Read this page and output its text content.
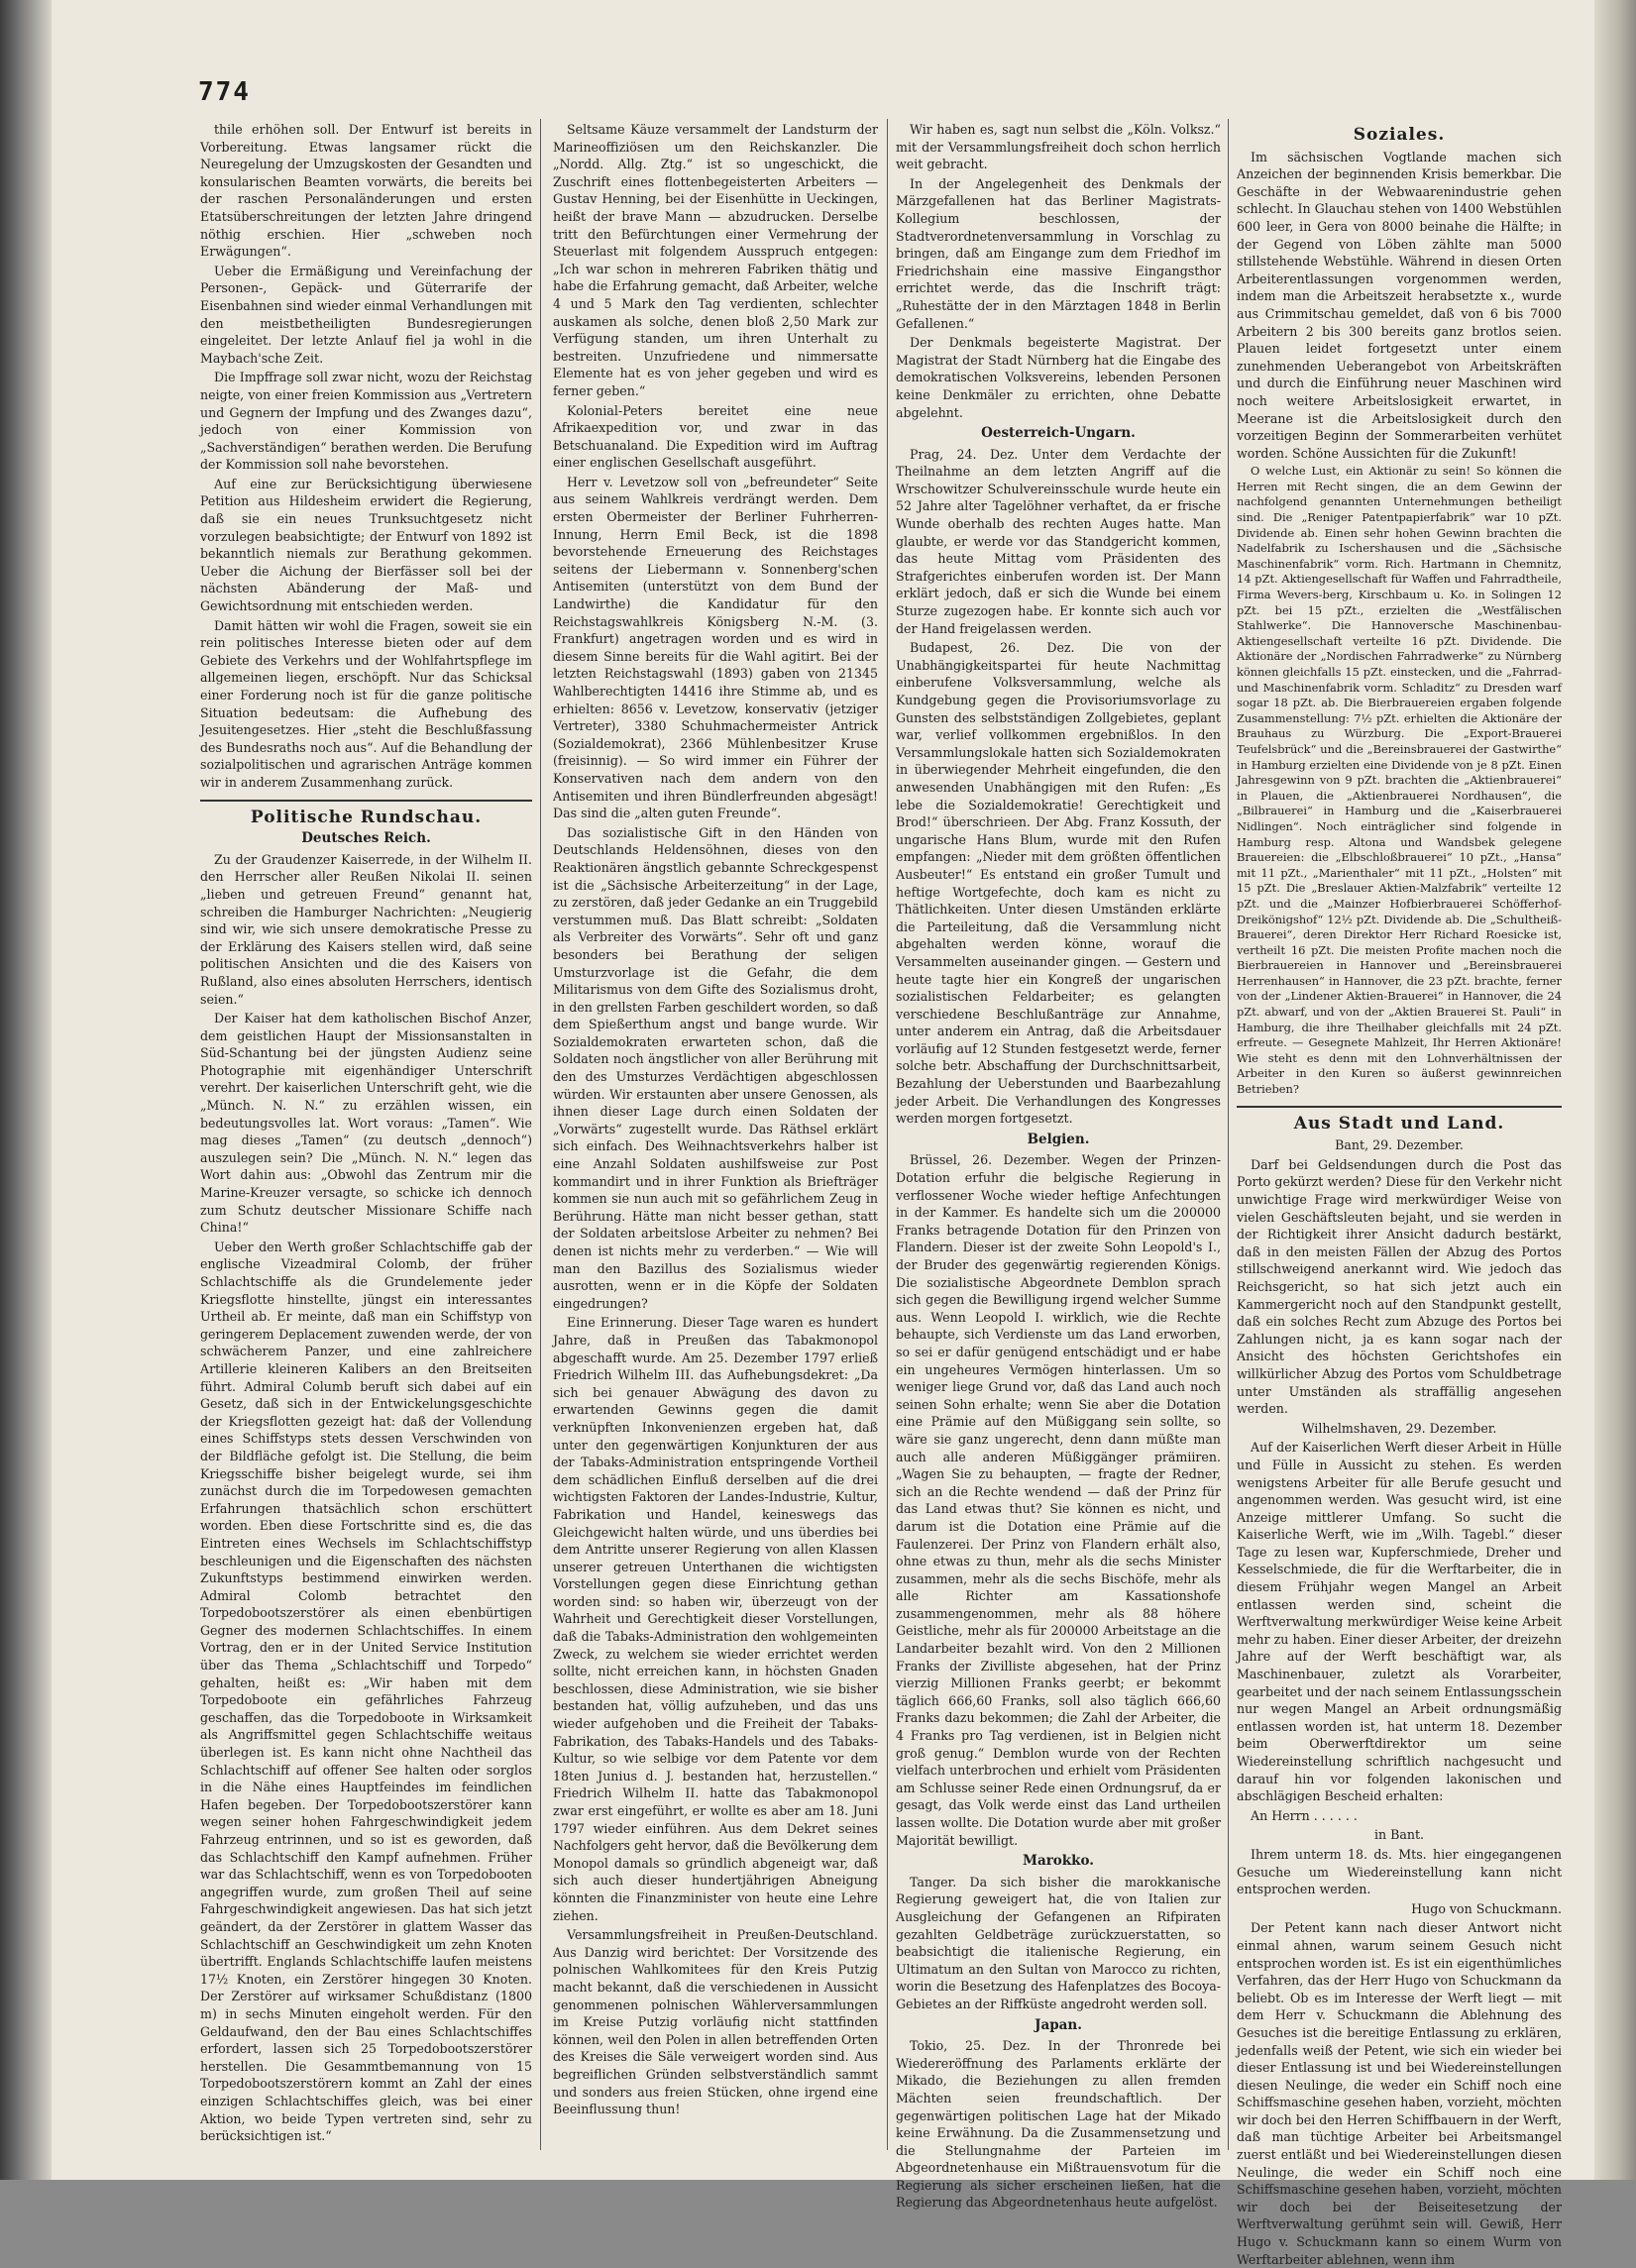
774

thile erhöhen soll. Der Entwurf ist bereits in Vorbereitung. Etwas langsamer rückt die Neuregelung der Umzugskosten der Gesandten und konsularischen Beamten vorwärts, die bereits bei der raschen Personaländerungen und ersten Etatsüberschreitungen der letzten Jahre dringend nöthig erschien. Hier „schweben noch Erwägungen“.

Ueber die Ermäßigung und Vereinfachung der Personen-, Gepäck- und Güterrarife der Eisenbahnen sind wieder einmal Verhandlungen mit den meistbetheiligten Bundesregierungen eingeleitet. Der letzte Anlauf fiel ja wohl in die Maybach'sche Zeit.

Die Impffrage soll zwar nicht, wozu der Reichstag neigte, von einer freien Kommission aus „Vertretern und Gegnern der Impfung und des Zwanges dazu“, jedoch von einer Kommission von „Sachverständigen“ berathen werden. Die Berufung der Kommission soll nahe bevorstehen.

Auf eine zur Berücksichtigung überwiesene Petition aus Hildesheim erwidert die Regierung, daß sie ein neues Trunksuchtgesetz nicht vorzulegen beabsichtigte; der Entwurf von 1892 ist bekanntlich niemals zur Berathung gekommen. Ueber die Aichung der Bierfässer soll bei der nächsten Abänderung der Maß- und Gewichtsordnung mit entschieden werden.

Damit hätten wir wohl die Fragen, soweit sie ein rein politisches Interesse bieten oder auf dem Gebiete des Verkehrs und der Wohlfahrtspflege im allgemeinen liegen, erschöpft. Nur das Schicksal einer Forderung noch ist für die ganze politische Situation bedeutsam: die Aufhebung des Jesuitengesetzes. Hier „steht die Beschlußfassung des Bundesraths noch aus“. Auf die Behandlung der sozialpolitischen und agrarischen Anträge kommen wir in anderem Zusammenhang zurück.

Politische Rundschau.
Deutsches Reich.

Zu der Graudenzer Kaiserrede, in der Wilhelm II. den Herrscher aller Reußen Nikolai II. seinen „lieben und getreuen Freund“ genannt hat, schreiben die Hamburger Nachrichten: „Neugierig sind wir, wie sich unsere demokratische Presse zu der Erklärung des Kaisers stellen wird, daß seine politischen Ansichten und die des Kaisers von Rußland, also eines absoluten Herrschers, identisch seien.“

Der Kaiser hat dem katholischen Bischof Anzer, dem geistlichen Haupt der Missionsanstalten in Süd-Schantung bei der jüngsten Audienz seine Photographie mit eigenhändiger Unterschrift verehrt. Der kaiserlichen Unterschrift geht, wie die „Münch. N. N.“ zu erzählen wissen, ein bedeutungsvolles lat. Wort voraus: „Tamen“. Wie mag dieses „Tamen“ (zu deutsch „dennoch“) auszulegen sein? Die „Münch. N. N.“ legen das Wort dahin aus: „Obwohl das Zentrum mir die Marine-Kreuzer versagte, so schicke ich dennoch zum Schutz deutscher Missionare Schiffe nach China!“

Ueber den Werth großer Schlachtschiffe gab der englische Vizeadmiral Colomb, der früher Schlachtschiffe als die Grundelemente jeder Kriegsflotte hinstellte, jüngst ein interessantes Urtheil ab. Er meinte, daß man ein Schiffstyp von geringerem Deplacement zuwenden werde, der von schwächerem Panzer, und eine zahlreichere Artillerie kleineren Kalibers an den Breitseiten führt. Admiral Columb beruft sich dabei auf ein Gesetz, daß sich in der Entwickelungsgeschichte der Kriegsflotten gezeigt hat: daß der Vollendung eines Schiffstyps stets dessen Verschwinden von der Bildfläche gefolgt ist. Die Stellung, die beim Kriegsschiffe bisher beigelegt wurde, sei ihm zunächst durch die im Torpedowesen gemachten Erfahrungen thatsächlich schon erschüttert worden. Eben diese Fortschritte sind es, die das Eintreten eines Wechsels im Schlachtschiffstyp beschleunigen und die Eigenschaften des nächsten Zukunftstyps bestimmend einwirken werden. Admiral Colomb betrachtet den Torpedobootszerstörer als einen ebenbürtigen Gegner des modernen Schlachtschiffes. In einem Vortrag, den er in der United Service Institution über das Thema „Schlachtschiff und Torpedo“ gehalten, heißt es: „Wir haben mit dem Torpedoboote ein gefährliches Fahrzeug geschaffen, das die Torpedoboote in Wirksamkeit als Angriffsmittel gegen Schlachtschiffe weitaus überlegen ist. Es kann nicht ohne Nachtheil das Schlachtschiff auf offener See halten oder sorglos in die Nähe eines Hauptfeindes im feindlichen Hafen begeben. Der Torpedobootszerstörer kann wegen seiner hohen Fahrgeschwindigkeit jedem Fahrzeug entrinnen, und so ist es geworden, daß das Schlachtschiff den Kampf aufnehmen. Früher war das Schlachtschiff, wenn es von Torpedobooten angegriffen wurde, zum großen Theil auf seine Fahrgeschwindigkeit angewiesen. Das hat sich jetzt geändert, da der Zerstörer in glattem Wasser das Schlachtschiff an Geschwindigkeit um zehn Knoten übertrifft. Englands Schlachtschiffe laufen meistens 17½ Knoten, ein Zerstörer hingegen 30 Knoten. Der Zerstörer auf wirksamer Schußdistanz (1800 m) in sechs Minuten eingeholt werden. Für den Geldaufwand, den der Bau eines Schlachtschiffes erfordert, lassen sich 25 Torpedobootszerstörer herstellen. Die Gesammtbemannung von 15 Torpedobootszerstörern kommt an Zahl der eines einzigen Schlachtschiffes gleich, was bei einer Aktion, wo beide Typen vertreten sind, sehr zu berücksichtigen ist.“

Seltsame Käuze versammelt der Landsturm der Marineoffiziösen um den Reichskanzler. Die „Nordd. Allg. Ztg.“ ist so ungeschickt, die Zuschrift eines flottenbegeisterten Arbeiters — Gustav Henning, bei der Eisenhütte in Ueckingen, heißt der brave Mann — abzudrucken. Derselbe tritt den Befürchtungen einer Vermehrung der Steuerlast mit folgendem Ausspruch entgegen: „Ich war schon in mehreren Fabriken thätig und habe die Erfahrung gemacht, daß Arbeiter, welche 4 und 5 Mark den Tag verdienten, schlechter auskamen als solche, denen bloß 2,50 Mark zur Verfügung standen, um ihren Unterhalt zu bestreiten. Unzufriedene und nimmersatte Elemente hat es von jeher gegeben und wird es ferner geben.“

Kolonial-Peters bereitet eine neue Afrikaexpedition vor, und zwar in das Betschuanaland. Die Expedition wird im Auftrag einer englischen Gesellschaft ausgeführt.

Herr v. Levetzow soll von „befreundeter“ Seite aus seinem Wahlkreis verdrängt werden. Dem ersten Obermeister der Berliner Fuhrherren-Innung, Herrn Emil Beck, ist die 1898 bevorstehende Erneuerung des Reichstages seitens der Liebermann v. Sonnenberg'schen Antisemiten (unterstützt von dem Bund der Landwirthe) die Kandidatur für den Reichstagswahlkreis Königsberg N.-M. (3. Frankfurt) angetragen worden und es wird in diesem Sinne bereits für die Wahl agitirt. Bei der letzten Reichstagswahl (1893) gaben von 21345 Wahlberechtigten 14416 ihre Stimme ab, und es erhielten: 8656 v. Levetzow, konservativ (jetziger Vertreter), 3380 Schuhmachermeister Antrick (Sozialdemokrat), 2366 Mühlenbesitzer Kruse (freisinnig). — So wird immer ein Führer der Konservativen nach dem andern von den Antisemiten und ihren Bündlerfreunden abgesägt! Das sind die „alten guten Freunde“.

Das sozialistische Gift in den Händen von Deutschlands Heldensöhnen, dieses von den Reaktionären ängstlich gebannte Schreckgespenst ist die „Sächsische Arbeiterzeitung“ in der Lage, zu zerstören, daß jeder Gedanke an ein Truggebild verstummen muß. Das Blatt schreibt: „Soldaten als Verbreiter des Vorwärts“. Sehr oft und ganz besonders bei Berathung der seligen Umsturzvorlage ist die Gefahr, die dem Militarismus von dem Gifte des Sozialismus droht, in den grellsten Farben geschildert worden, so daß dem Spießerthum angst und bange wurde. Wir Sozialdemokraten erwarteten schon, daß die Soldaten noch ängstlicher von aller Berührung mit den des Umsturzes Verdächtigen abgeschlossen würden. Wir erstaunten aber unsere Genossen, als ihnen dieser Lage durch einen Soldaten der „Vorwärts“ zugestellt wurde. Das Räthsel erklärt sich einfach. Des Weihnachtsverkehrs halber ist eine Anzahl Soldaten aushilfsweise zur Post kommandirt und in ihrer Funktion als Briefträger kommen sie nun auch mit so gefährlichem Zeug in Berührung. Hätte man nicht besser gethan, statt der Soldaten arbeitslose Arbeiter zu nehmen? Bei denen ist nichts mehr zu verderben.“ — Wie will man den Bazillus des Sozialismus wieder ausrotten, wenn er in die Köpfe der Soldaten eingedrungen?

Eine Erinnerung. Dieser Tage waren es hundert Jahre, daß in Preußen das Tabakmonopol abgeschafft wurde. Am 25. Dezember 1797 erließ Friedrich Wilhelm III. das Aufhebungsdekret: „Da sich bei genauer Abwägung des davon zu erwartenden Gewinns gegen die damit verknüpften Inkonvenienzen ergeben hat, daß unter den gegenwärtigen Konjunkturen der aus der Tabaks-Administration entspringende Vortheil dem schädlichen Einfluß derselben auf die drei wichtigsten Faktoren der Landes-Industrie, Kultur, Fabrikation und Handel, keineswegs das Gleichgewicht halten würde, und uns überdies bei dem Antritte unserer Regierung von allen Klassen unserer getreuen Unterthanen die wichtigsten Vorstellungen gegen diese Einrichtung gethan worden sind: so haben wir, überzeugt von der Wahrheit und Gerechtigkeit dieser Vorstellungen, daß die Tabaks-Administration den wohlgemeinten Zweck, zu welchem sie wieder errichtet werden sollte, nicht erreichen kann, in höchsten Gnaden beschlossen, diese Administration, wie sie bisher bestanden hat, völlig aufzuheben, und das uns wieder aufgehoben und die Freiheit der Tabaks-Fabrikation, des Tabaks-Handels und des Tabaks-Kultur, so wie selbige vor dem Patente vor dem 18ten Junius d. J. bestanden hat, herzustellen.“ Friedrich Wilhelm II. hatte das Tabakmonopol zwar erst eingeführt, er wollte es aber am 18. Juni 1797 wieder einführen. Aus dem Dekret seines Nachfolgers geht hervor, daß die Bevölkerung dem Monopol damals so gründlich abgeneigt war, daß sich auch dieser hundertjährigen Abneigung könnten die Finanzminister von heute eine Lehre ziehen.

Versammlungsfreiheit in Preußen-Deutschland. Aus Danzig wird berichtet: Der Vorsitzende des polnischen Wahlkomitees für den Kreis Putzig macht bekannt, daß die verschiedenen in Aussicht genommenen polnischen Wählerversammlungen im Kreise Putzig vorläufig nicht stattfinden können, weil den Polen in allen betreffenden Orten des Kreises die Säle verweigert worden sind. Aus begreiflichen Gründen selbstverständlich sammt und sonders aus freien Stücken, ohne irgend eine Beeinflussung thun!

Wir haben es, sagt nun selbst die „Köln. Volksz.“ mit der Versammlungsfreiheit doch schon herrlich weit gebracht.

In der Angelegenheit des Denkmals der Märzgefallenen hat das Berliner Magistrats-Kollegium beschlossen, der Stadtverordnetenversammlung in Vorschlag zu bringen, daß am Eingange zum dem Friedhof im Friedrichshain eine massive Eingangsthor errichtet werde, das die Inschrift trägt: „Ruhestätte der in den Märztagen 1848 in Berlin Gefallenen.“

Der Denkmals begeisterte Magistrat. Der Magistrat der Stadt Nürnberg hat die Eingabe des demokratischen Volksvereins, lebenden Personen keine Denkmäler zu errichten, ohne Debatte abgelehnt.

Oesterreich-Ungarn.

Prag, 24. Dez. Unter dem Verdachte der Theilnahme an dem letzten Angriff auf die Wrschowitzer Schulvereinsschule wurde heute ein 52 Jahre alter Tagelöhner verhaftet, da er frische Wunde oberhalb des rechten Auges hatte. Man glaubte, er werde vor das Standgericht kommen, das heute Mittag vom Präsidenten des Strafgerichtes einberufen worden ist. Der Mann erklärt jedoch, daß er sich die Wunde bei einem Sturze zugezogen habe. Er konnte sich auch vor der Hand freigelassen werden.

Budapest, 26. Dez. Die von der Unabhängigkeitspartei für heute Nachmittag einberufene Volksversammlung, welche als Kundgebung gegen die Provisoriumsvorlage zu Gunsten des selbstständigen Zollgebietes, geplant war, verlief vollkommen ergebnißlos. In den Versammlungslokale hatten sich Sozialdemokraten in überwiegender Mehrheit eingefunden, die den anwesenden Unabhängigen mit den Rufen: „Es lebe die Sozialdemokratie! Gerechtigkeit und Brod!“ überschrieen. Der Abg. Franz Kossuth, der ungarische Hans Blum, wurde mit den Rufen empfangen: „Nieder mit dem größten öffentlichen Ausbeuter!“ Es entstand ein großer Tumult und heftige Wortgefechte, doch kam es nicht zu Thätlichkeiten. Unter diesen Umständen erklärte die Parteileitung, daß die Versammlung nicht abgehalten werden könne, worauf die Versammelten auseinander gingen. — Gestern und heute tagte hier ein Kongreß der ungarischen sozialistischen Feldarbeiter; es gelangten verschiedene Beschlußanträge zur Annahme, unter anderem ein Antrag, daß die Arbeitsdauer vorläufig auf 12 Stunden festgesetzt werde, ferner solche betr. Abschaffung der Durchschnittsarbeit, Bezahlung der Ueberstunden und Baarbezahlung jeder Arbeit. Die Verhandlungen des Kongresses werden morgen fortgesetzt.

Belgien.

Brüssel, 26. Dezember. Wegen der Prinzen-Dotation erfuhr die belgische Regierung in verflossener Woche wieder heftige Anfechtungen in der Kammer. Es handelte sich um die 200000 Franks betragende Dotation für den Prinzen von Flandern. Dieser ist der zweite Sohn Leopold's I., der Bruder des gegenwärtig regierenden Königs. Die sozialistische Abgeordnete Demblon sprach sich gegen die Bewilligung irgend welcher Summe aus. Wenn Leopold I. wirklich, wie die Rechte behaupte, sich Verdienste um das Land erworben, so sei er dafür genügend entschädigt und er habe ein ungeheures Vermögen hinterlassen. Um so weniger liege Grund vor, daß das Land auch noch seinen Sohn erhalte; wenn Sie aber die Dotation eine Prämie auf den Müßiggang sein sollte, so wäre sie ganz ungerecht, denn dann müßte man auch alle anderen Müßiggänger prämiiren. „Wagen Sie zu behaupten, — fragte der Redner, sich an die Rechte wendend — daß der Prinz für das Land etwas thut? Sie können es nicht, und darum ist die Dotation eine Prämie auf die Faulenzerei. Der Prinz von Flandern erhält also, ohne etwas zu thun, mehr als die sechs Minister zusammen, mehr als die sechs Bischöfe, mehr als alle Richter am Kassationshofe zusammengenommen, mehr als 88 höhere Geistliche, mehr als für 200000 Arbeitstage an die Landarbeiter bezahlt wird. Von den 2 Millionen Franks der Zivilliste abgesehen, hat der Prinz vierzig Millionen Franks geerbt; er bekommt täglich 666,60 Franks, soll also täglich 666,60 Franks dazu bekommen; die Zahl der Arbeiter, die 4 Franks pro Tag verdienen, ist in Belgien nicht groß genug.“ Demblon wurde von der Rechten vielfach unterbrochen und erhielt vom Präsidenten am Schlusse seiner Rede einen Ordnungsruf, da er gesagt, das Volk werde einst das Land urtheilen lassen wollte. Die Dotation wurde aber mit großer Majorität bewilligt.

Marokko.

Tanger. Da sich bisher die marokkanische Regierung geweigert hat, die von Italien zur Ausgleichung der Gefangenen an Rifpiraten gezahlten Geldbeträge zurückzuerstatten, so beabsichtigt die italienische Regierung, ein Ultimatum an den Sultan von Marocco zu richten, worin die Besetzung des Hafenplatzes des Bocoya-Gebietes an der Riffküste angedroht werden soll.

Japan.

Tokio, 25. Dez. In der Thronrede bei Wiedereröffnung des Parlaments erklärte der Mikado, die Beziehungen zu allen fremden Mächten seien freundschaftlich. Der gegenwärtigen politischen Lage hat der Mikado keine Erwähnung. Da die Zusammensetzung und die Stellungnahme der Parteien im Abgeordnetenhause ein Mißtrauensvotum für die Regierung als sicher erscheinen ließen, hat die Regierung das Abgeordnetenhaus heute aufgelöst.

Soziales.

Im sächsischen Vogtlande machen sich Anzeichen der beginnenden Krisis bemerkbar. Die Geschäfte in der Webwaarenindustrie gehen schlecht. In Glauchau stehen von 1400 Webstühlen 600 leer, in Gera von 8000 beinahe die Hälfte; in der Gegend von Löben zählte man 5000 stillstehende Webstühle. Während in diesen Orten Arbeiterentlassungen vorgenommen werden, indem man die Arbeitszeit herabsetzte x., wurde aus Crimmitschau gemeldet, daß von 6 bis 7000 Arbeitern 2 bis 300 bereits ganz brotlos seien. Plauen leidet fortgesetzt unter einem zunehmenden Ueberangebot von Arbeitskräften und durch die Einführung neuer Maschinen wird noch weitere Arbeitslosigkeit erwartet, in Meerane ist die Arbeitslosigkeit durch den vorzeitigen Beginn der Sommerarbeiten verhütet worden. Schöne Aussichten für die Zukunft!

O welche Lust, ein Aktionär zu sein! So können die Herren mit Recht singen, die an dem Gewinn der nachfolgend genannten Unternehmungen betheiligt sind. Die „Reniger Patentpapierfabrik“ war 10 pZt. Dividende ab. Einen sehr hohen Gewinn brachten die Nadelfabrik zu Ischershausen und die „Sächsische Maschinenfabrik“ vorm. Rich. Hartmann in Chemnitz, 14 pZt. Aktiengesellschaft für Waffen und Fahrradtheile, Firma Wevers-berg, Kirschbaum u. Ko. in Solingen 12 pZt. bei 15 pZt., erzielten die „Westfälischen Stahlwerke“. Die Hannoversche Maschinenbau-Aktiengesellschaft verteilte 16 pZt. Dividende. Die Aktionäre der „Nordischen Fahrradwerke“ zu Nürnberg können gleichfalls 15 pZt. einstecken, und die „Fahrrad- und Maschinenfabrik vorm. Schladitz“ zu Dresden warf sogar 18 pZt. ab. Die Bierbrauereien ergaben folgende Zusammenstellung: 7½ pZt. erhielten die Aktionäre der Brauhaus zu Würzburg. Die „Export-Brauerei Teufelsbrück“ und die „Bereinsbrauerei der Gastwirthe“ in Hamburg erzielten eine Dividende von je 8 pZt. Einen Jahresgewinn von 9 pZt. brachten die „Aktienbrauerei“ in Plauen, die „Aktienbrauerei Nordhausen“, die „Bilbrauerei“ in Hamburg und die „Kaiserbrauerei Nidlingen“. Noch einträglicher sind folgende in Hamburg resp. Altona und Wandsbek gelegene Brauereien: die „Elbschloßbrauerei“ 10 pZt., „Hansa“ mit 11 pZt., „Marienthaler“ mit 11 pZt., „Holsten“ mit 15 pZt. Die „Breslauer Aktien-Malzfabrik“ verteilte 12 pZt. und die „Mainzer Hofbierbrauerei Schöfferhof-Dreikönigshof“ 12½ pZt. Dividende ab. Die „Schultheiß-Brauerei“, deren Direktor Herr Richard Roesicke ist, vertheilt 16 pZt. Die meisten Profite machen noch die Bierbrauereien in Hannover und „Bereinsbrauerei Herrenhausen“ in Hannover, die 23 pZt. brachte, ferner von der „Lindener Aktien-Brauerei“ in Hannover, die 24 pZt. abwarf, und von der „Aktien Brauerei St. Pauli“ in Hamburg, die ihre Theilhaber gleichfalls mit 24 pZt. erfreute. — Gesegnete Mahlzeit, Ihr Herren Aktionäre! Wie steht es denn mit den Lohnverhältnissen der Arbeiter in den Kuren so äußerst gewinnreichen Betrieben?

Aus Stadt und Land.

Bant, 29. Dezember.

Darf bei Geldsendungen durch die Post das Porto gekürzt werden? Diese für den Verkehr nicht unwichtige Frage wird merkwürdiger Weise von vielen Geschäftsleuten bejaht, und sie werden in der Richtigkeit ihrer Ansicht dadurch bestärkt, daß in den meisten Fällen der Abzug des Portos stillschweigend anerkannt wird. Wie jedoch das Reichsgericht, so hat sich jetzt auch ein Kammergericht noch auf den Standpunkt gestellt, daß ein solches Recht zum Abzuge des Portos bei Zahlungen nicht, ja es kann sogar nach der Ansicht des höchsten Gerichtshofes ein willkürlicher Abzug des Portos vom Schuldbetrage unter Umständen als straffällig angesehen werden.

Wilhelmshaven, 29. Dezember.

Auf der Kaiserlichen Werft dieser Arbeit in Hülle und Fülle in Aussicht zu stehen. Es werden wenigstens Arbeiter für alle Berufe gesucht und angenommen werden. Was gesucht wird, ist eine Anzeige mittlerer Umfang. So sucht die Kaiserliche Werft, wie im „Wilh. Tagebl.“ dieser Tage zu lesen war, Kupferschmiede, Dreher und Kesselschmiede, die für die Werftarbeiter, die in diesem Frühjahr wegen Mangel an Arbeit entlassen werden sind, scheint die Werftverwaltung merkwürdiger Weise keine Arbeit mehr zu haben. Einer dieser Arbeiter, der dreizehn Jahre auf der Werft beschäftigt war, als Maschinenbauer, zuletzt als Vorarbeiter, gearbeitet und der nach seinem Entlassungsschein nur wegen Mangel an Arbeit ordnungsmäßig entlassen worden ist, hat unterm 18. Dezember beim Oberwerftdirektor um seine Wiedereinstellung schriftlich nachgesucht und darauf hin vor folgenden lakonischen und abschlägigen Bescheid erhalten:

An Herrn . . . . . .

in Bant.

Ihrem unterm 18. ds. Mts. hier eingegangenen Gesuche um Wiedereinstellung kann nicht entsprochen werden.

Hugo von Schuckmann.

Der Petent kann nach dieser Antwort nicht einmal ahnen, warum seinem Gesuch nicht entsprochen worden ist. Es ist ein eigenthümliches Verfahren, das der Herr Hugo von Schuckmann da beliebt. Ob es im Interesse der Werft liegt — mit dem Herr v. Schuckmann die Ablehnung des Gesuches ist die bereitige Entlassung zu erklären, jedenfalls weiß der Petent, wie sich ein wieder bei dieser Entlassung ist und bei Wiedereinstellungen diesen Neulinge, die weder ein Schiff noch eine Schiffsmaschine gesehen haben, vorzieht, möchten wir doch bei den Herren Schiffbauern in der Werft, daß man tüchtige Arbeiter bei Arbeitsmangel zuerst entläßt und bei Wiedereinstellungen diesen Neulinge, die weder ein Schiff noch eine Schiffsmaschine gesehen haben, vorzieht, möchten wir doch bei der Beiseitesetzung der Werftverwaltung gerühmt sein will. Gewiß, Herr Hugo v. Schuckmann kann so einem Wurm von Werftarbeiter ablehnen, wenn ihm
